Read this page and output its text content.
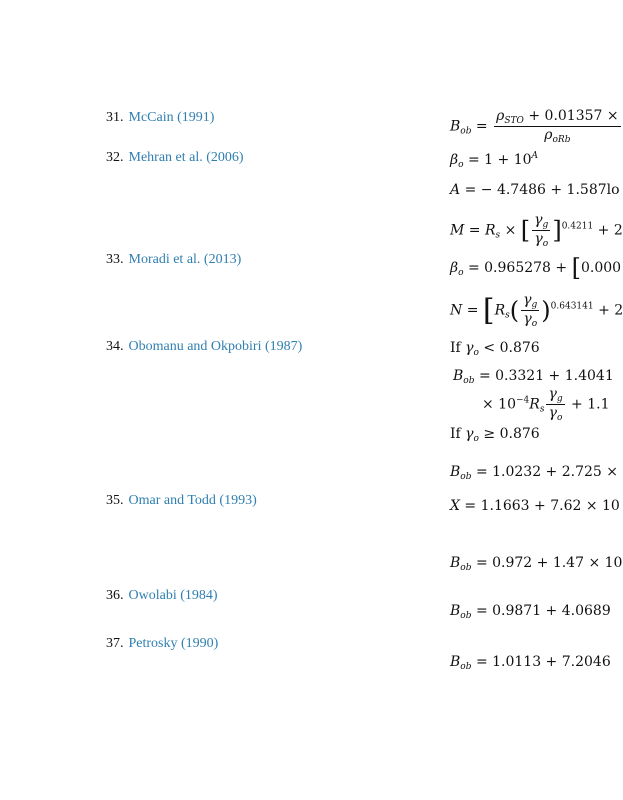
31. McCain (1991)
32. Mehran et al. (2006)
33. Moradi et al. (2013)
34. Obomanu and Okpobiri (1987)
35. Omar and Todd (1993)
36. Owolabi (1984)
37. Petrosky (1990)
$B_{ob} = \frac{\rho_{STO} + 0.01357 \times}{\rho_{oRb}}$
$\beta_o = 1 + 10^A$
A = − 4.7486 + 1.587lo
$M = R_s$ × [ $\frac{\gamma_g}{\gamma_o} ]^{0.4211} + 2$
$\beta_o = 0.965278 + [0.000$
$N = [R_s( \frac{\gamma_g}{\gamma_o} )^{0.643141} + 2$
If $\gamma_o < 0.876$
$B_{ob} = 0.3321 + 1.4041$
× $10^{-4}R_s \frac{\gamma_g}{\gamma_o} + 1.1$
If $\gamma_o \ge 0.876$
$B_{ob} = 1.0232 + 2.725$ ×
X = 1.1663 + 7.62 × 10
$B_{ob} = 0.972 + 1.47 \times 10$
$B_{ob} = 0.9871 + 4.0689$
$B_{ob} = 1.0113 + 7.2046$
